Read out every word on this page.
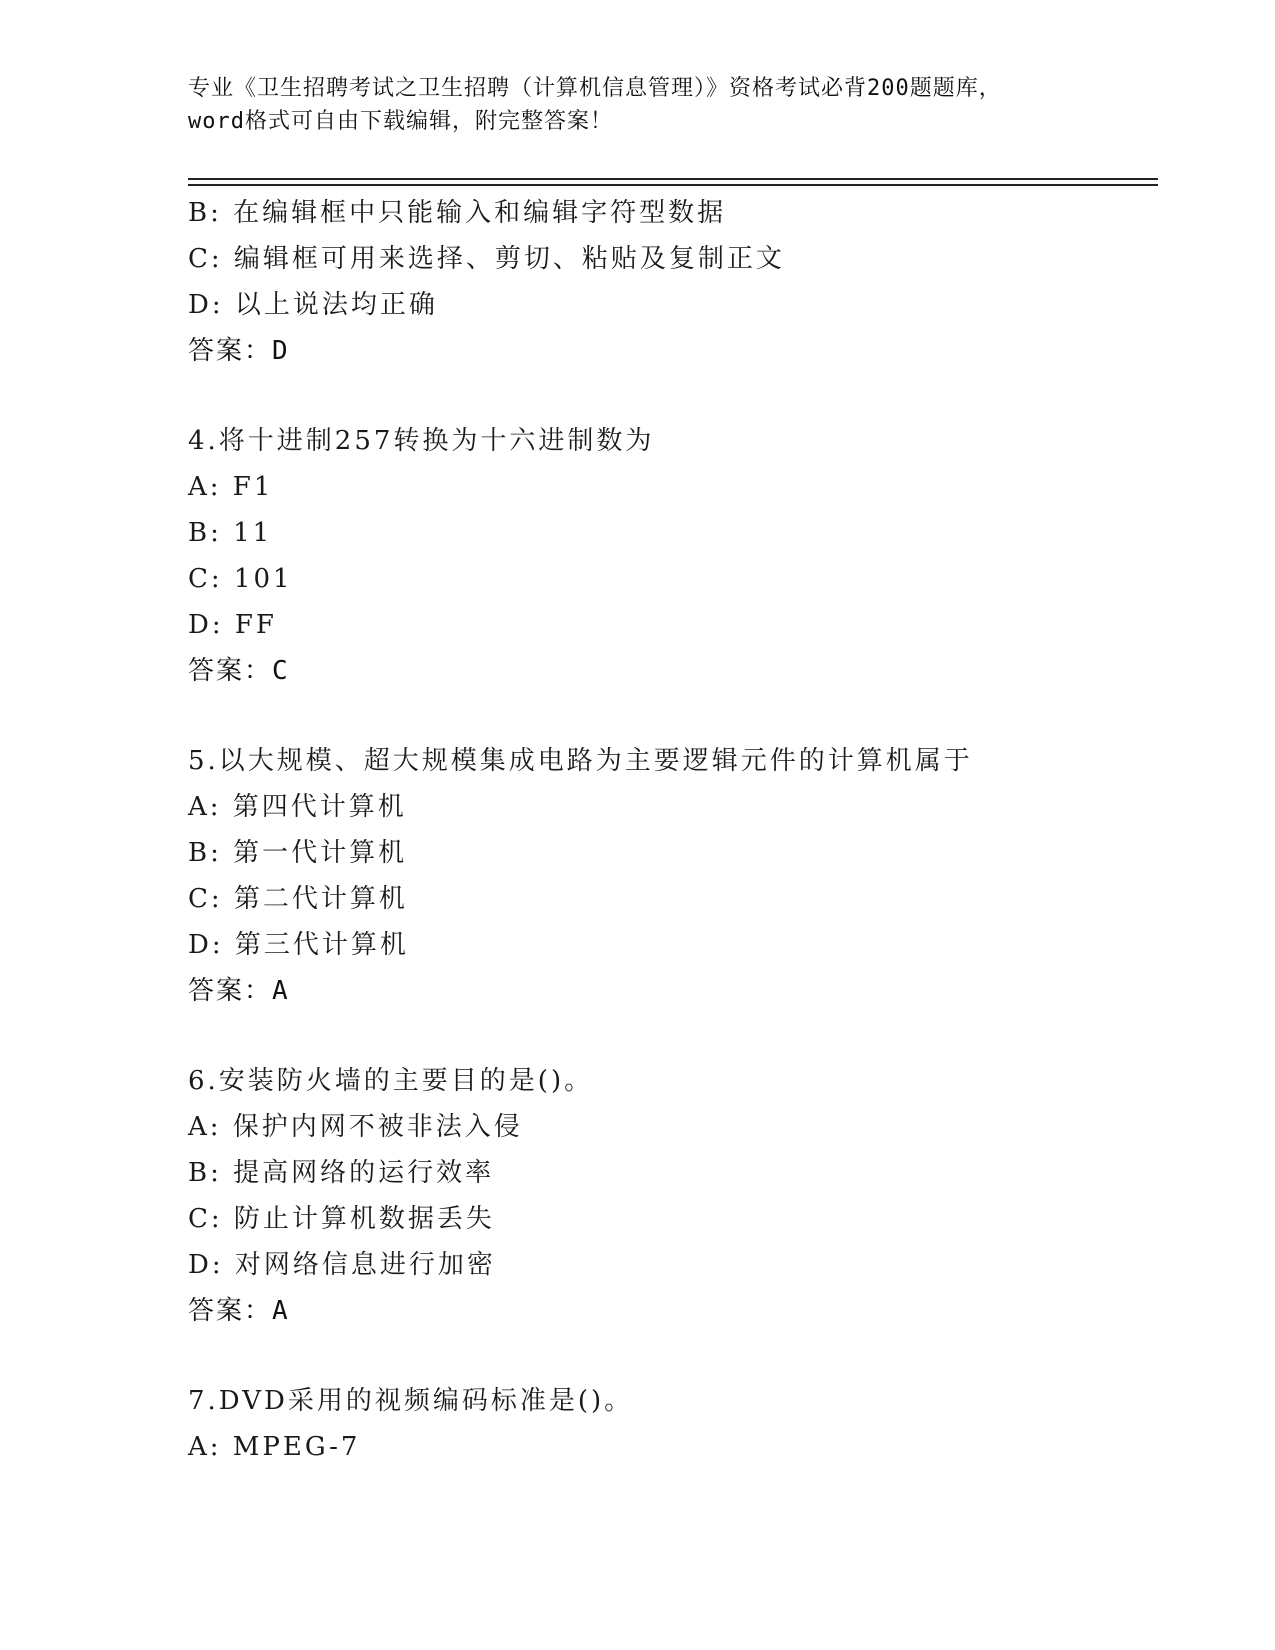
专业《卫生招聘考试之卫生招聘（计算机信息管理）》资格考试必背200题题库，
word格式可自由下载编辑，附完整答案！
B: 在编辑框中只能输入和编辑字符型数据
C: 编辑框可用来选择、剪切、粘贴及复制正文
D: 以上说法均正确
答案：D
4.将十进制257转换为十六进制数为
A: F1
B: 11
C: 101
D: FF
答案：C
5.以大规模、超大规模集成电路为主要逻辑元件的计算机属于
A: 第四代计算机
B: 第一代计算机
C: 第二代计算机
D: 第三代计算机
答案：A
6.安装防火墙的主要目的是()。
A: 保护内网不被非法入侵
B: 提高网络的运行效率
C: 防止计算机数据丢失
D: 对网络信息进行加密
答案：A
7.DVD采用的视频编码标准是()。
A: MPEG-7
